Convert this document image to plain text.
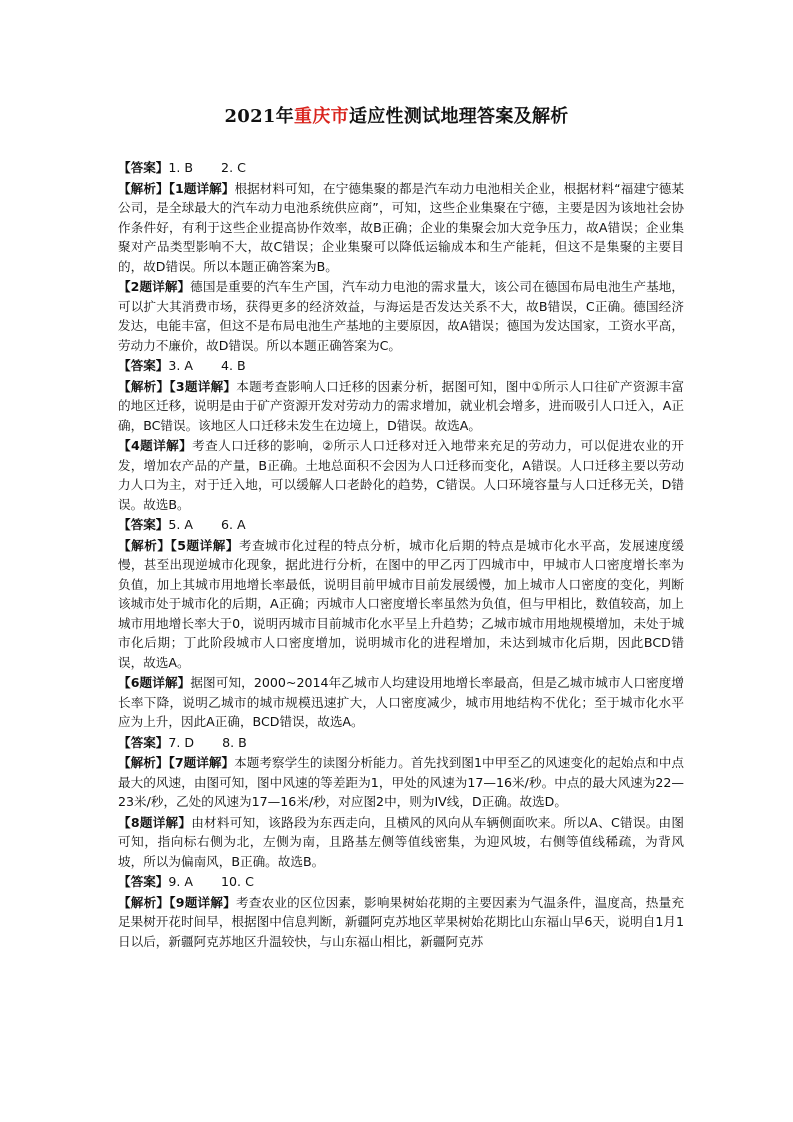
2021年重庆市适应性测试地理答案及解析

【答案】1. B       2. C

【解析】【1题详解】根据材料可知，在宁德集聚的都是汽车动力电池相关企业，根据材料“福建宁德某公司，是全球最大的汽车动力电池系统供应商”，可知，这些企业集聚在宁德，主要是因为该地社会协作条件好，有利于这些企业提高协作效率，故B正确；企业的集聚会加大竞争压力，故A错误；企业集聚对产品类型影响不大，故C错误；企业集聚可以降低运输成本和生产能耗，但这不是集聚的主要目的，故D错误。所以本题正确答案为B。

【2题详解】德国是重要的汽车生产国，汽车动力电池的需求量大，该公司在德国布局电池生产基地，可以扩大其消费市场，获得更多的经济效益，与海运是否发达关系不大，故B错误，C正确。德国经济发达，电能丰富，但这不是布局电池生产基地的主要原因，故A错误；德国为发达国家，工资水平高，劳动力不廉价，故D错误。所以本题正确答案为C。

【答案】3. A       4. B

【解析】【3题详解】本题考查影响人口迁移的因素分析，据图可知，图中①所示人口往矿产资源丰富的地区迁移，说明是由于矿产资源开发对劳动力的需求增加，就业机会增多，进而吸引人口迁入，A正确，BC错误。该地区人口迁移未发生在边境上，D错误。故选A。

【4题详解】考查人口迁移的影响，②所示人口迁移对迁入地带来充足的劳动力，可以促进农业的开发，增加农产品的产量，B正确。土地总面积不会因为人口迁移而变化，A错误。人口迁移主要以劳动力人口为主，对于迁入地，可以缓解人口老龄化的趋势，C错误。人口环境容量与人口迁移无关，D错误。故选B。

【答案】5. A       6. A

【解析】【5题详解】考查城市化过程的特点分析，城市化后期的特点是城市化水平高，发展速度缓慢，甚至出现逆城市化现象，据此进行分析，在图中的甲乙丙丁四城市中，甲城市人口密度增长率为负值，加上其城市用地增长率最低，说明目前甲城市目前发展缓慢，加上城市人口密度的变化，判断该城市处于城市化的后期，A正确；丙城市人口密度增长率虽然为负值，但与甲相比，数值较高，加上城市用地增长率大于0，说明丙城市目前城市化水平呈上升趋势；乙城市城市用地规模增加，未处于城市化后期；丁此阶段城市人口密度增加，说明城市化的进程增加，未达到城市化后期，因此BCD错误，故选A。

【6题详解】据图可知，2000~2014年乙城市人均建设用地增长率最高，但是乙城市城市人口密度增长率下降，说明乙城市的城市规模迅速扩大，人口密度减少，城市用地结构不优化；至于城市化水平应为上升，因此A正确，BCD错误，故选A。

【答案】7. D       8. B

【解析】【7题详解】本题考察学生的读图分析能力。首先找到图1中甲至乙的风速变化的起始点和中点最大的风速，由图可知，图中风速的等差距为1，甲处的风速为17—16米/秒。中点的最大风速为22—23米/秒，乙处的风速为17—16米/秒，对应图2中，则为IV线，D正确。故选D。

【8题详解】由材料可知，该路段为东西走向，且横风的风向从车辆侧面吹来。所以A、C错误。由图可知，指向标右侧为北，左侧为南，且路基左侧等值线密集，为迎风坡，右侧等值线稀疏，为背风坡，所以为偏南风，B正确。故选B。

【答案】9. A       10. C

【解析】【9题详解】考查农业的区位因素，影响果树始花期的主要因素为气温条件，温度高，热量充足果树开花时间早，根据图中信息判断，新疆阿克苏地区苹果树始花期比山东福山早6天，说明自1月1日以后，新疆阿克苏地区升温较快，与山东福山相比，新疆阿克苏
